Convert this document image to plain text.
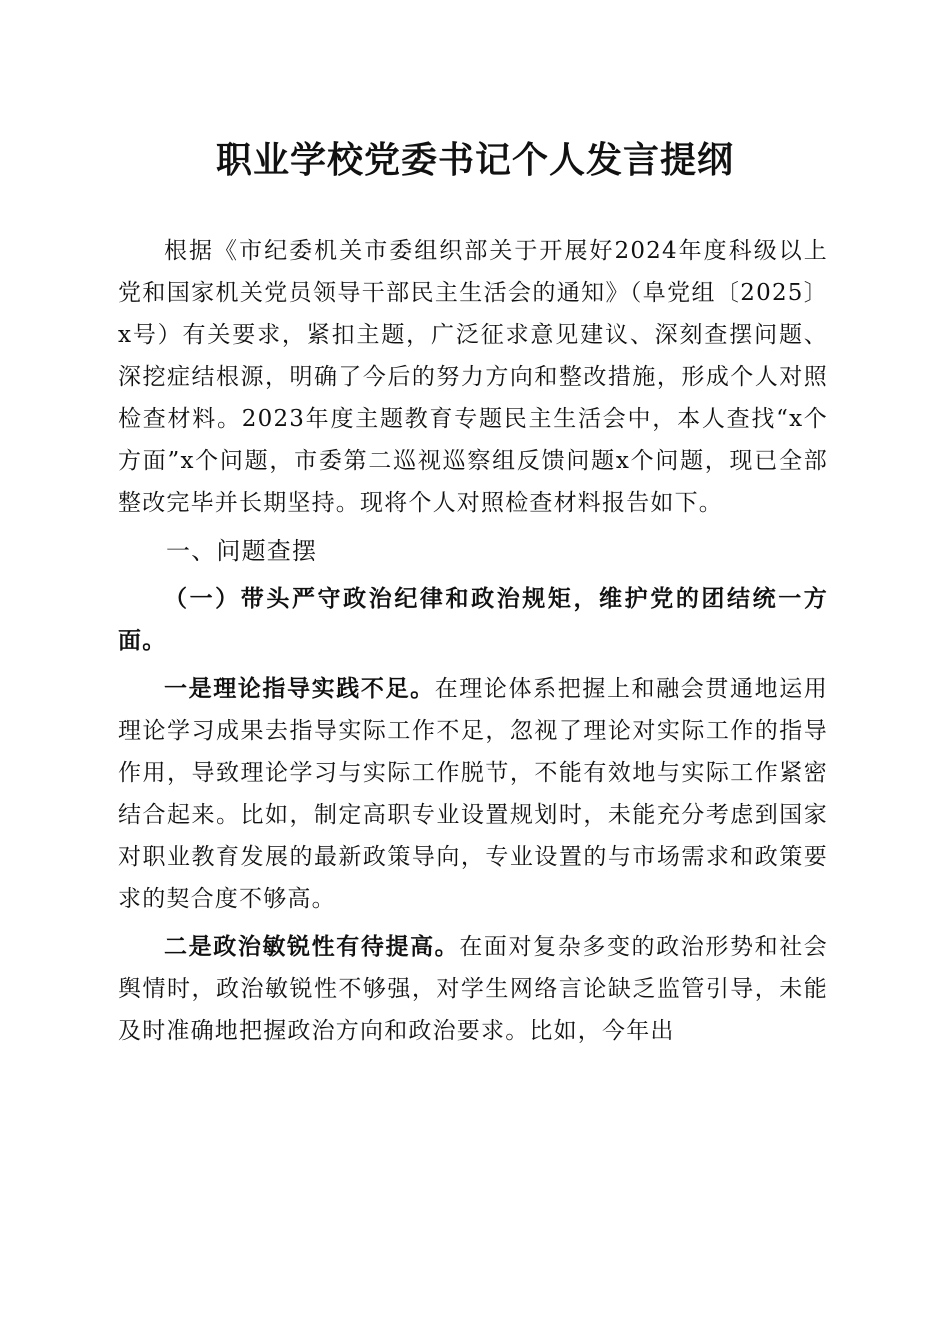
职业学校党委书记个人发言提纲

根据《市纪委机关市委组织部关于开展好2024年度科级以上党和国家机关党员领导干部民主生活会的通知》（阜党组〔2025〕x号）有关要求，紧扣主题，广泛征求意见建议、深刻查摆问题、深挖症结根源，明确了今后的努力方向和整改措施，形成个人对照检查材料。2023年度主题教育专题民主生活会中，本人查找“x个方面”x个问题，市委第二巡视巡察组反馈问题x个问题，现已全部整改完毕并长期坚持。现将个人对照检查材料报告如下。

一、问题查摆

（一）带头严守政治纪律和政治规矩，维护党的团结统一方面。

一是理论指导实践不足。在理论体系把握上和融会贯通地运用理论学习成果去指导实际工作不足，忽视了理论对实际工作的指导作用，导致理论学习与实际工作脱节，不能有效地与实际工作紧密结合起来。比如，制定高职专业设置规划时，未能充分考虑到国家对职业教育发展的最新政策导向，专业设置的与市场需求和政策要求的契合度不够高。

二是政治敏锐性有待提高。在面对复杂多变的政治形势和社会舆情时，政治敏锐性不够强，对学生网络言论缺乏监管引导，未能及时准确地把握政治方向和政治要求。比如，今年出
